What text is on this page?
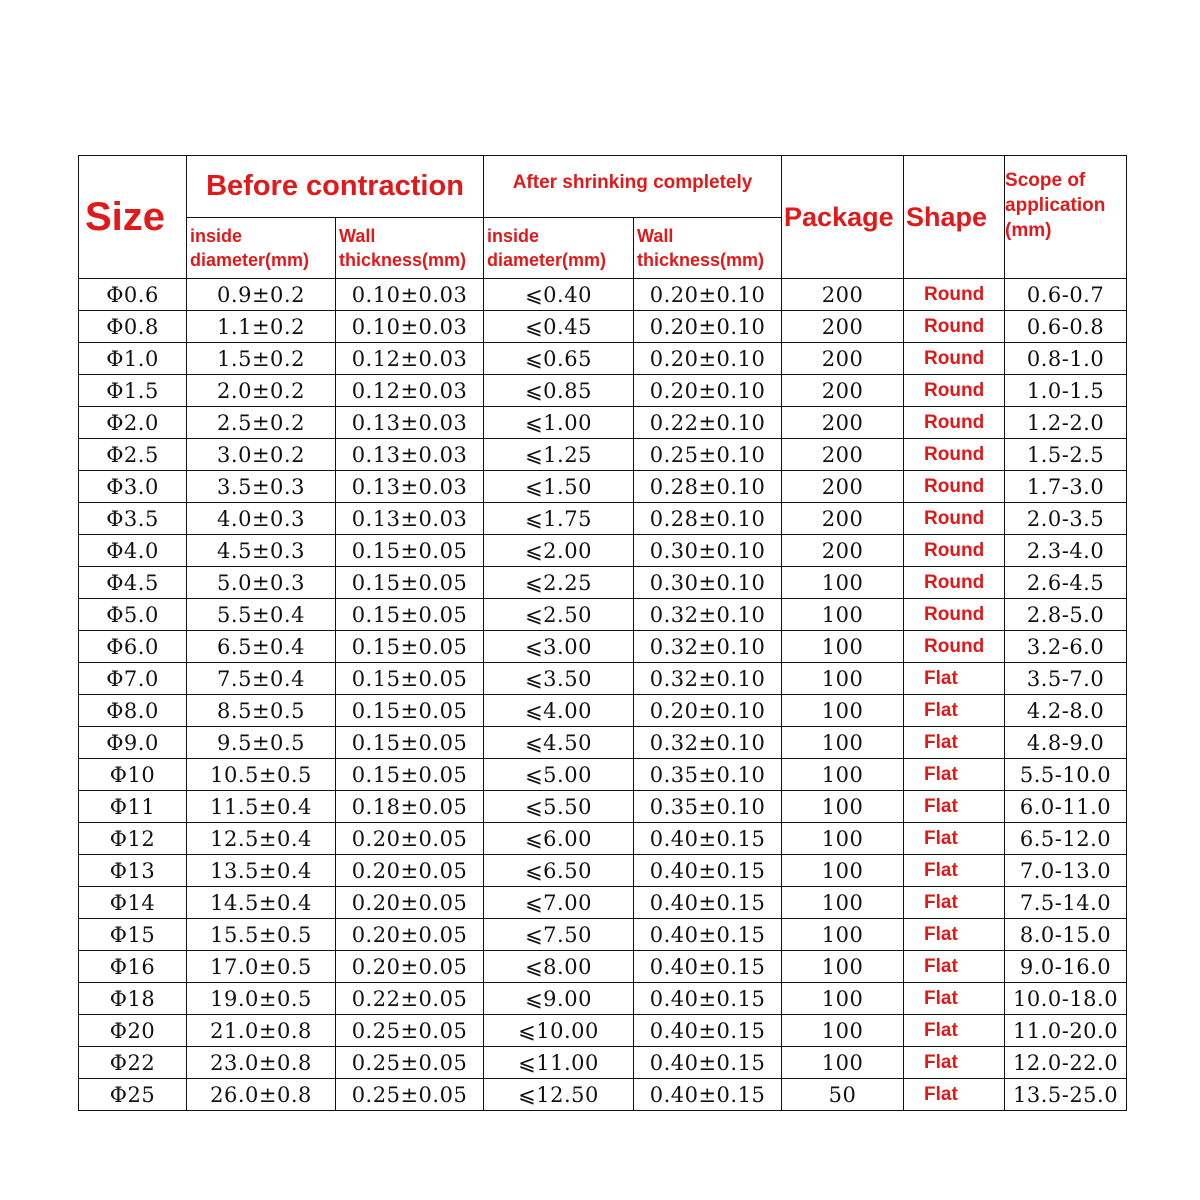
Size	Before contraction		After shrinking completely		Package	Shape	Scope of application (mm)
	inside diameter(mm)	Wall thickness(mm)	inside diameter(mm)	Wall thickness(mm)			
Φ0.6	0.9±0.2	0.10±0.03	⩽0.40	0.20±0.10	200	Round	0.6-0.7
Φ0.8	1.1±0.2	0.10±0.03	⩽0.45	0.20±0.10	200	Round	0.6-0.8
Φ1.0	1.5±0.2	0.12±0.03	⩽0.65	0.20±0.10	200	Round	0.8-1.0
Φ1.5	2.0±0.2	0.12±0.03	⩽0.85	0.20±0.10	200	Round	1.0-1.5
Φ2.0	2.5±0.2	0.13±0.03	⩽1.00	0.22±0.10	200	Round	1.2-2.0
Φ2.5	3.0±0.2	0.13±0.03	⩽1.25	0.25±0.10	200	Round	1.5-2.5
Φ3.0	3.5±0.3	0.13±0.03	⩽1.50	0.28±0.10	200	Round	1.7-3.0
Φ3.5	4.0±0.3	0.13±0.03	⩽1.75	0.28±0.10	200	Round	2.0-3.5
Φ4.0	4.5±0.3	0.15±0.05	⩽2.00	0.30±0.10	200	Round	2.3-4.0
Φ4.5	5.0±0.3	0.15±0.05	⩽2.25	0.30±0.10	100	Round	2.6-4.5
Φ5.0	5.5±0.4	0.15±0.05	⩽2.50	0.32±0.10	100	Round	2.8-5.0
Φ6.0	6.5±0.4	0.15±0.05	⩽3.00	0.32±0.10	100	Round	3.2-6.0
Φ7.0	7.5±0.4	0.15±0.05	⩽3.50	0.32±0.10	100	Flat	3.5-7.0
Φ8.0	8.5±0.5	0.15±0.05	⩽4.00	0.20±0.10	100	Flat	4.2-8.0
Φ9.0	9.5±0.5	0.15±0.05	⩽4.50	0.32±0.10	100	Flat	4.8-9.0
Φ10	10.5±0.5	0.15±0.05	⩽5.00	0.35±0.10	100	Flat	5.5-10.0
Φ11	11.5±0.4	0.18±0.05	⩽5.50	0.35±0.10	100	Flat	6.0-11.0
Φ12	12.5±0.4	0.20±0.05	⩽6.00	0.40±0.15	100	Flat	6.5-12.0
Φ13	13.5±0.4	0.20±0.05	⩽6.50	0.40±0.15	100	Flat	7.0-13.0
Φ14	14.5±0.4	0.20±0.05	⩽7.00	0.40±0.15	100	Flat	7.5-14.0
Φ15	15.5±0.5	0.20±0.05	⩽7.50	0.40±0.15	100	Flat	8.0-15.0
Φ16	17.0±0.5	0.20±0.05	⩽8.00	0.40±0.15	100	Flat	9.0-16.0
Φ18	19.0±0.5	0.22±0.05	⩽9.00	0.40±0.15	100	Flat	10.0-18.0
Φ20	21.0±0.8	0.25±0.05	⩽10.00	0.40±0.15	100	Flat	11.0-20.0
Φ22	23.0±0.8	0.25±0.05	⩽11.00	0.40±0.15	100	Flat	12.0-22.0
Φ25	26.0±0.8	0.25±0.05	⩽12.50	0.40±0.15	50	Flat	13.5-25.0
